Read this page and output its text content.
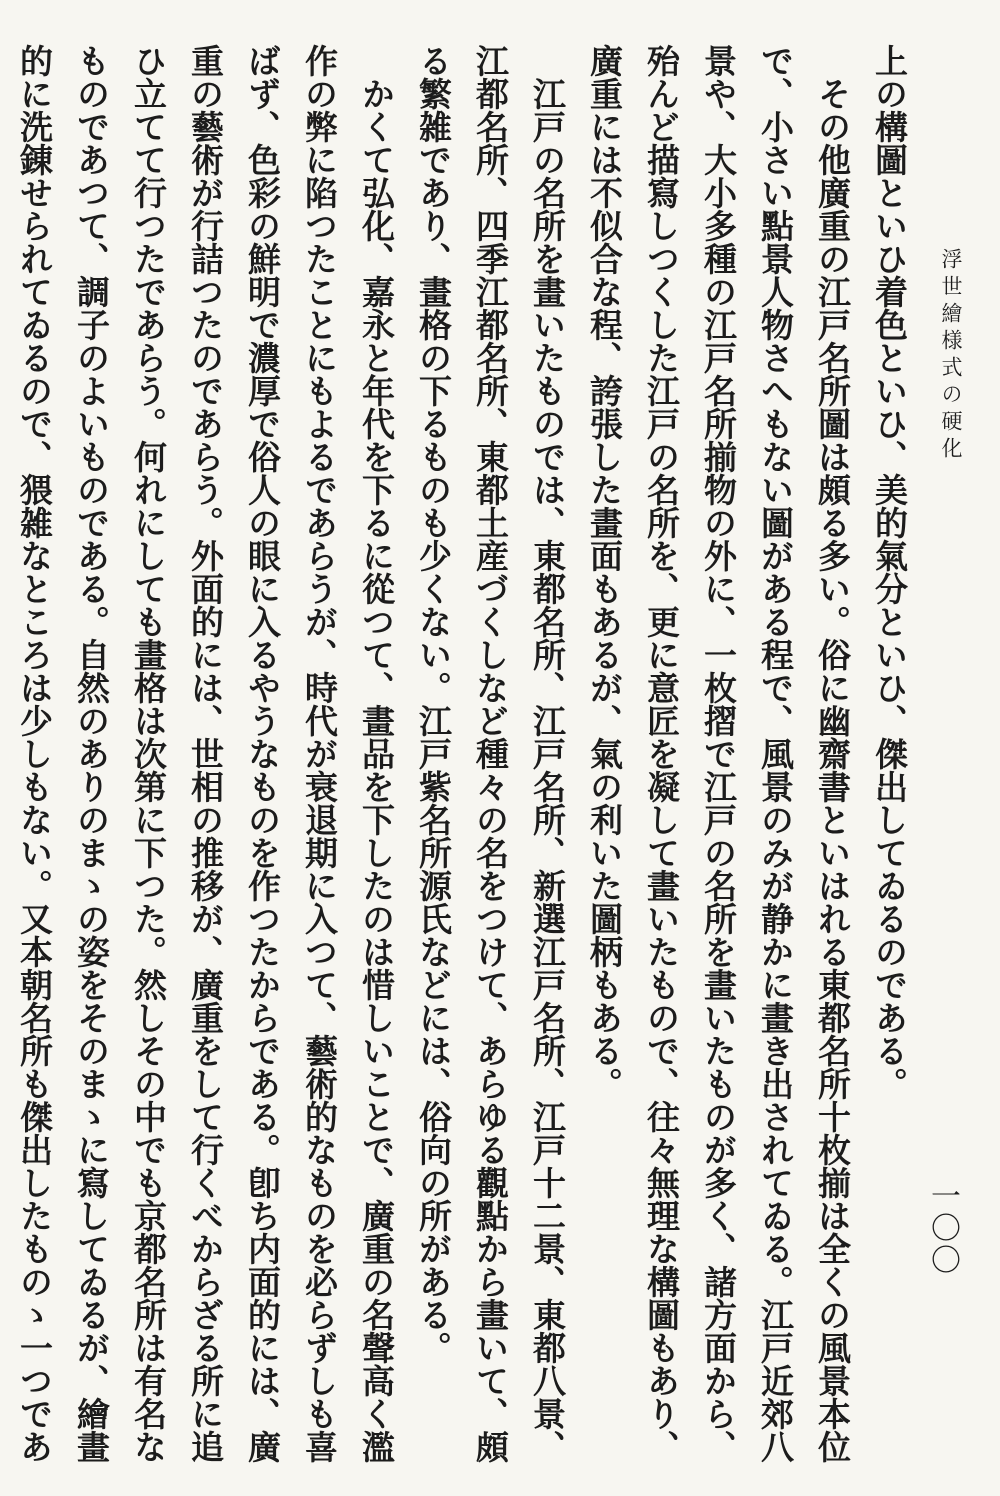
浮世繪様式の硬化
一〇〇

上の構圖といひ着色といひ、美的氣分といひ、傑出してゐるのである。

その他廣重の江戸名所圖は頗る多い。俗に幽齋書といはれる東都名所十枚揃は全くの風景本位で、小さい點景人物さへもない圖がある程で、風景のみが静かに畫き出されてゐる。江戸近郊八景や、大小多種の江戸名所揃物の外に、一枚摺で江戸の名所を畫いたものが多く、諸方面から、殆んど描寫しつくした江戸の名所を、更に意匠を凝して畫いたもので、往々無理な構圖もあり、廣重には不似合な程、誇張した畫面もあるが、氣の利いた圖柄もある。

江戸の名所を畫いたものでは、東都名所、江戸名所、新選江戸名所、江戸十二景、東都八景、江都名所、四季江都名所、東都土産づくしなど種々の名をつけて、あらゆる觀點から畫いて、頗る繁雑であり、畫格の下るものも少くない。江戸紫名所源氏などには、俗向の所がある。

かくて弘化、嘉永と年代を下るに從つて、畫品を下したのは惜しいことで、廣重の名聲高く濫作の弊に陷つたことにもよるであらうが、時代が衰退期に入つて、藝術的なものを必らずしも喜ばず、色彩の鮮明で濃厚で俗人の眼に入るやうなものを作つたからである。卽ち内面的には、廣重の藝術が行詰つたのであらう。外面的には、世相の推移が、廣重をして行くべからざる所に追ひ立てて行つたであらう。何れにしても畫格は次第に下つた。然しその中でも京都名所は有名なものであつて、調子のよいものである。自然のありのまゝの姿をそのまゝに寫してゐるが、繪畫的に洗錬せられてゐるので、猥雑なところは少しもない。又本朝名所も傑出したものゝ一つであ
